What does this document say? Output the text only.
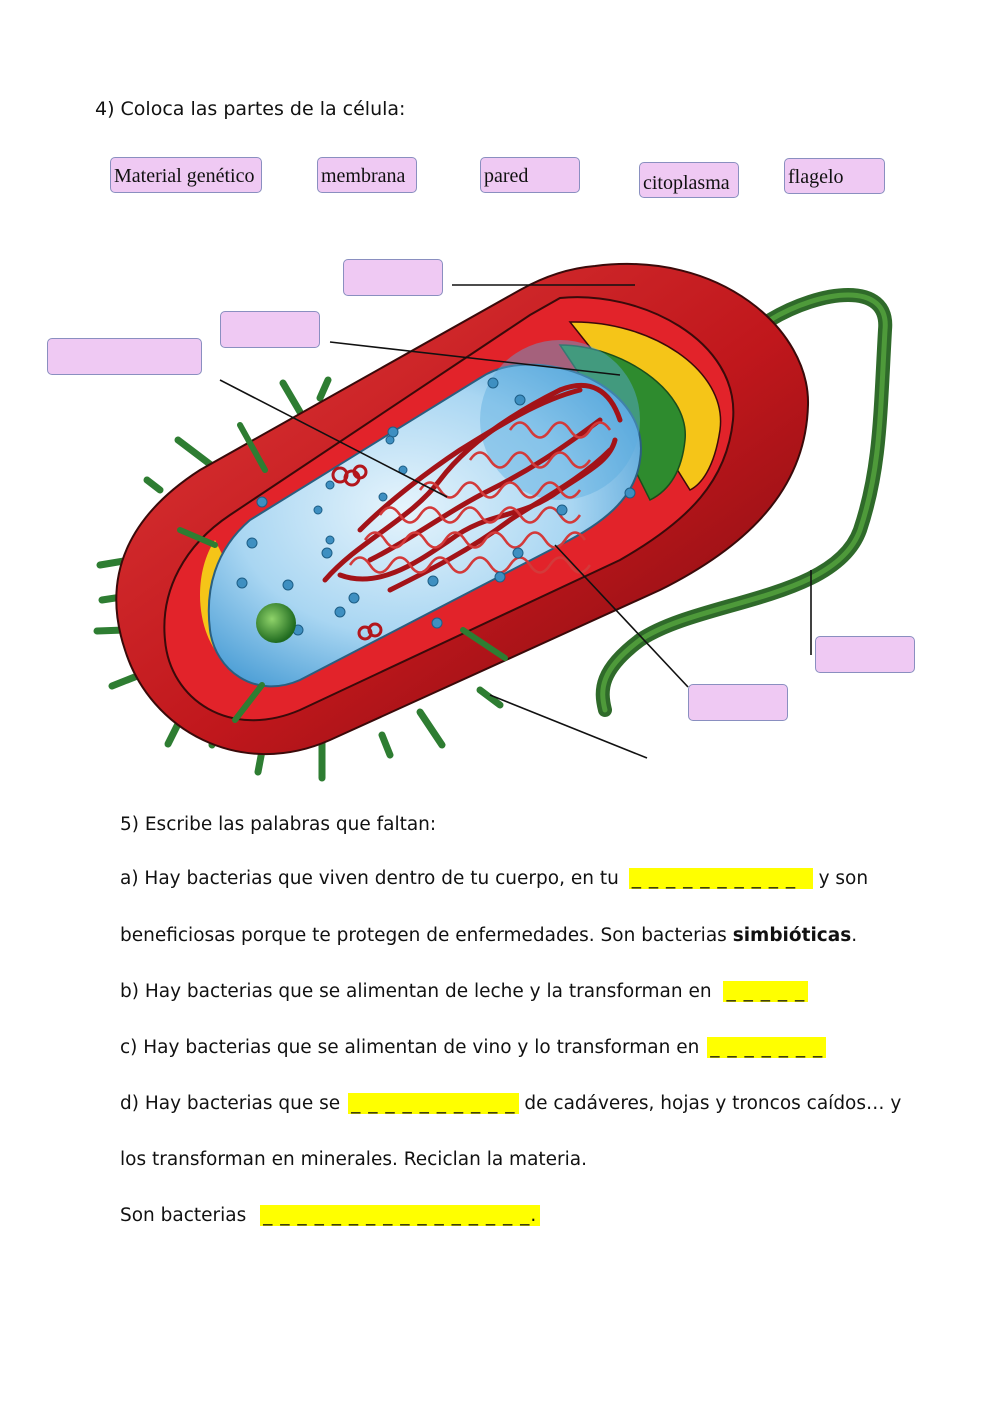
4) Coloca las partes de la célula:
Material genético	membrana	pared	citoplasma	flagelo
5) Escribe las palabras que faltan:
a) Hay bacterias que viven dentro de tu cuerpo, en tu _ _ _ _ _ _ _ _ _ _ y son
beneficiosas porque te protegen de enfermedades. Son bacterias simbióticas.
b) Hay bacterias que se alimentan de leche y la transforman en _ _ _ _ _
c) Hay bacterias que se alimentan de vino y lo transforman en _ _ _ _ _ _ _
d) Hay bacterias que se _ _ _ _ _ _ _ _ _ _ de cadáveres, hojas y troncos caídos… y
los transforman en minerales. Reciclan la materia.
Son bacterias _ _ _ _ _ _ _ _ _ _ _ _ _ _ _ _.
